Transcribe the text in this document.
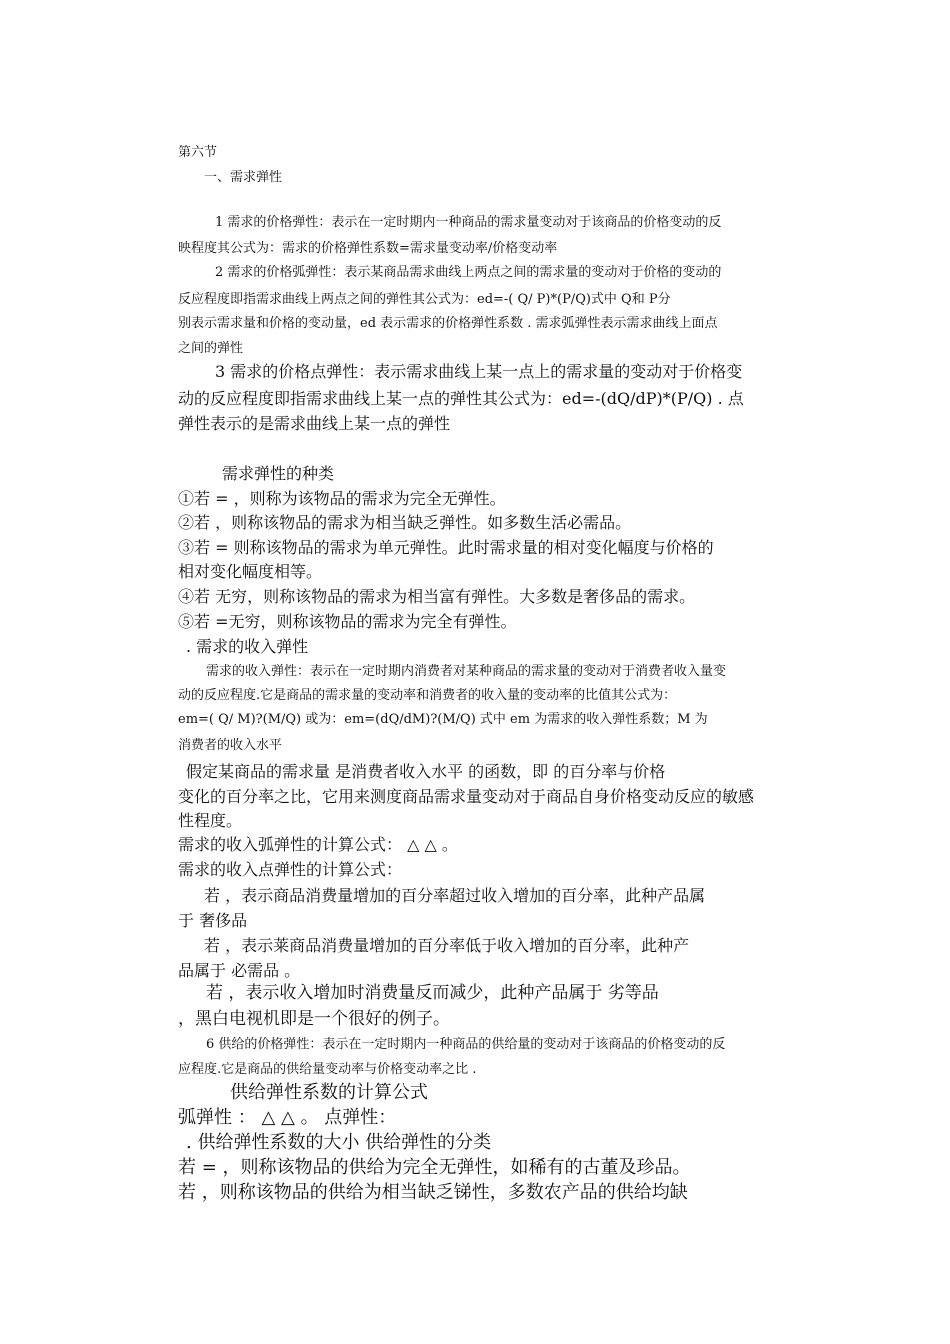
第六节

一、需求弹性

1 需求的价格弹性：表示在一定时期内一种商品的需求量变动对于该商品的价格变动的反

映程度其公式为：需求的价格弹性系数=需求量变动率/价格变动率

2 需求的价格弧弹性：表示某商品需求曲线上两点之间的需求量的变动对于价格的变动的

反应程度即指需求曲线上两点之间的弹性其公式为：ed=-( Q/ P)*(P/Q)式中 Q和 P分

别表示需求量和价格的变动量，ed 表示需求的价格弹性系数 . 需求弧弹性表示需求曲线上面点

之间的弹性

3 需求的价格点弹性：表示需求曲线上某一点上的需求量的变动对于价格变

动的反应程度即指需求曲线上某一点的弹性其公式为：ed=-(dQ/dP)*(P/Q) . 点

弹性表示的是需求曲线上某一点的弹性

需求弹性的种类

①若 = ，则称为该物品的需求为完全无弹性。

②若 ，则称该物品的需求为相当缺乏弹性。如多数生活必需品。

③若 = 则称该物品的需求为单元弹性。此时需求量的相对变化幅度与价格的

相对变化幅度相等。

④若 无穷，则称该物品的需求为相当富有弹性。大多数是奢侈品的需求。

⑤若 =无穷，则称该物品的需求为完全有弹性。

. 需求的收入弹性

需求的收入弹性：表示在一定时期内消费者对某种商品的需求量的变动对于消费者收入量变

动的反应程度.它是商品的需求量的变动率和消费者的收入量的变动率的比值其公式为：

em=( Q/ M)?(M/Q) 或为：em=(dQ/dM)?(M/Q) 式中 em 为需求的收入弹性系数；M 为

消费者的收入水平

假定某商品的需求量 是消费者收入水平 的函数，即 的百分率与价格

变化的百分率之比，它用来测度商品需求量变动对于商品自身价格变动反应的敏感

性程度。

需求的收入弧弹性的计算公式： △ △ 。

需求的收入点弹性的计算公式：

若 ，表示商品消费量增加的百分率超过收入增加的百分率，此种产品属

于 奢侈品

若 ，表示莱商品消费量增加的百分率低于收入增加的百分率，此种产

品属于 必需品 。

若 ，表示收入增加时消费量反而减少，此种产品属于 劣等品

，黑白电视机即是一个很好的例子。

6 供给的价格弹性：表示在一定时期内一种商品的供给量的变动对于该商品的价格变动的反

应程度.它是商品的供给量变动率与价格变动率之比 .

供给弹性系数的计算公式

弧弹性 ： △ △ 。 点弹性：

. 供给弹性系数的大小 供给弹性的分类

若 = ，则称该物品的供给为完全无弹性，如稀有的古董及珍品。

若 ，则称该物品的供给为相当缺乏锑性，多数农产品的供给均缺
